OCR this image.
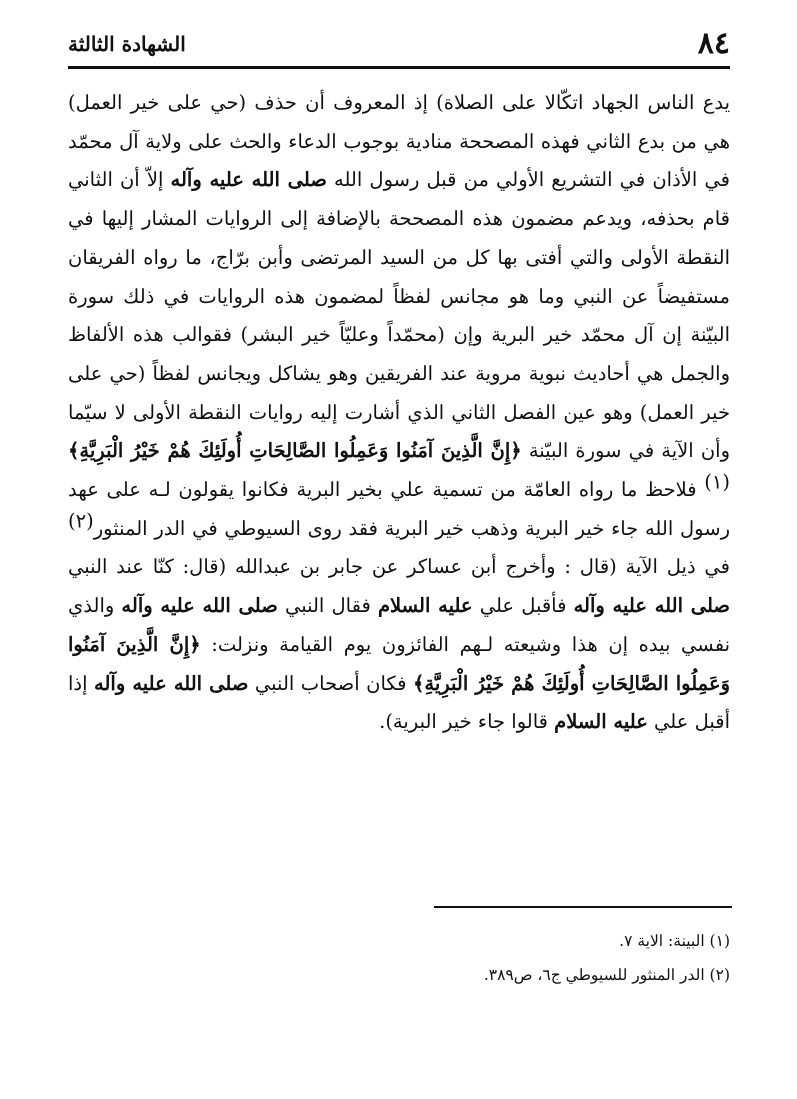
٨٤
الشهادة الثالثة
يدع الناس الجهاد اتكّالا على الصلاة) إذ المعروف أن حذف (حي على خير العمل) هي من بدع الثاني فهذه المصححة منادية بوجوب الدعاء والحث على ولاية آل محمّد في الأذان في التشريع الأولي من قبل رسول الله صلى الله عليه وآله إلاّ أن الثاني قام بحذفه، ويدعم مضمون هذه المصححة بالإضافة إلى الروايات المشار إليها في النقطة الأولى والتي أفتى بها كل من السيد المرتضى وأبن برّاج، ما رواه الفريقان مستفيضاً عن النبي وما هو مجانس لفظاً لمضمون هذه الروايات في ذلك سورة البيّنة إن آل محمّد خير البرية وإن (محمّداً وعليّاً خير البشر) فقوالب هذه الألفاظ والجمل هي أحاديث نبوية مروية عند الفريقين وهو يشاكل ويجانس لفظاً (حي على خير العمل) وهو عين الفصل الثاني الذي أشارت إليه روايات النقطة الأولى لا سيّما وأن الآية في سورة البيّنة ﴿إِنَّ الَّذِينَ آمَنُوا وَعَمِلُوا الصَّالِحَاتِ أُولَئِكَ هُمْ خَيْرُ الْبَرِيَّةِ﴾(١) فلاحظ ما رواه العامّة من تسمية علي بخير البرية فكانوا يقولون لـه على عهد رسول الله جاء خير البرية وذهب خير البرية فقد روى السيوطي في الدر المنثور(٢) في ذيل الآية (قال : وأخرج أبن عساكر عن جابر بن عبدالله (قال: كنّا عند النبي صلى الله عليه وآله فأقبل علي عليه السلام فقال النبي صلى الله عليه وآله والذي نفسي بيده إن هذا وشيعته لـهم الفائزون يوم القيامة ونزلت: ﴿إِنَّ الَّذِينَ آمَنُوا وَعَمِلُوا الصَّالِحَاتِ أُولَئِكَ هُمْ خَيْرُ الْبَرِيَّةِ﴾ فكان أصحاب النبي صلى الله عليه وآله إذا أقبل علي عليه السلام قالوا جاء خير البرية).
(١) البينة: الاية ٧.
(٢) الدر المنثور للسيوطي ج٦، ص٣٨٩.
